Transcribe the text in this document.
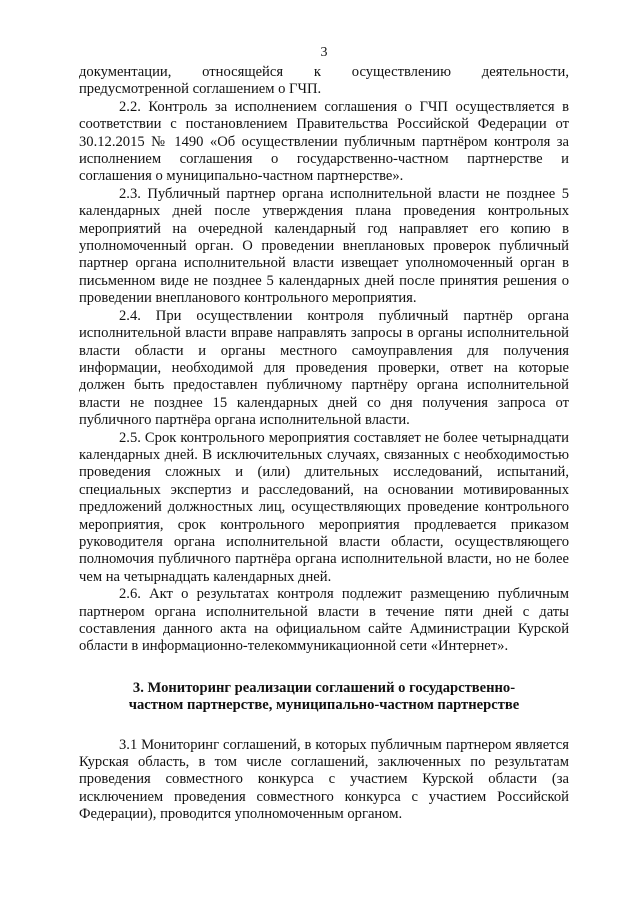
3

документации, относящейся к осуществлению деятельности, предусмотренной соглашением о ГЧП.

2.2. Контроль за исполнением соглашения о ГЧП осуществляется в соответствии с постановлением Правительства Российской Федерации от 30.12.2015 № 1490 «Об осуществлении публичным партнёром контроля за исполнением соглашения о государственно-частном партнерстве и соглашения о муниципально-частном партнерстве».

2.3. Публичный партнер органа исполнительной власти не позднее 5 календарных дней после утверждения плана проведения контрольных мероприятий на очередной календарный год направляет его копию в уполномоченный орган. О проведении внеплановых проверок публичный партнер органа исполнительной власти извещает уполномоченный орган в письменном виде не позднее 5 календарных дней после принятия решения о проведении внепланового контрольного мероприятия.

2.4. При осуществлении контроля публичный партнёр органа исполнительной власти вправе направлять запросы в органы исполнительной власти области и органы местного самоуправления для получения информации, необходимой для проведения проверки, ответ на которые должен быть предоставлен публичному партнёру органа исполнительной власти не позднее 15 календарных дней со дня получения запроса от публичного партнёра органа исполнительной власти.

2.5. Срок контрольного мероприятия составляет не более четырнадцати календарных дней. В исключительных случаях, связанных с необходимостью проведения сложных и (или) длительных исследований, испытаний, специальных экспертиз и расследований, на основании мотивированных предложений должностных лиц, осуществляющих проведение контрольного мероприятия, срок контрольного мероприятия продлевается приказом руководителя органа исполнительной власти области, осуществляющего полномочия публичного партнёра органа исполнительной власти, но не более чем на четырнадцать календарных дней.

2.6. Акт о результатах контроля подлежит размещению публичным партнером органа исполнительной власти в течение пяти дней с даты составления данного акта на официальном сайте Администрации Курской области в информационно-телекоммуникационной сети «Интернет».

3. Мониторинг реализации соглашений о государственно-частном партнерстве, муниципально-частном партнерстве

3.1 Мониторинг соглашений, в которых публичным партнером является Курская область, в том числе соглашений, заключенных по результатам проведения совместного конкурса с участием Курской области (за исключением проведения совместного конкурса с участием Российской Федерации), проводится уполномоченным органом.
